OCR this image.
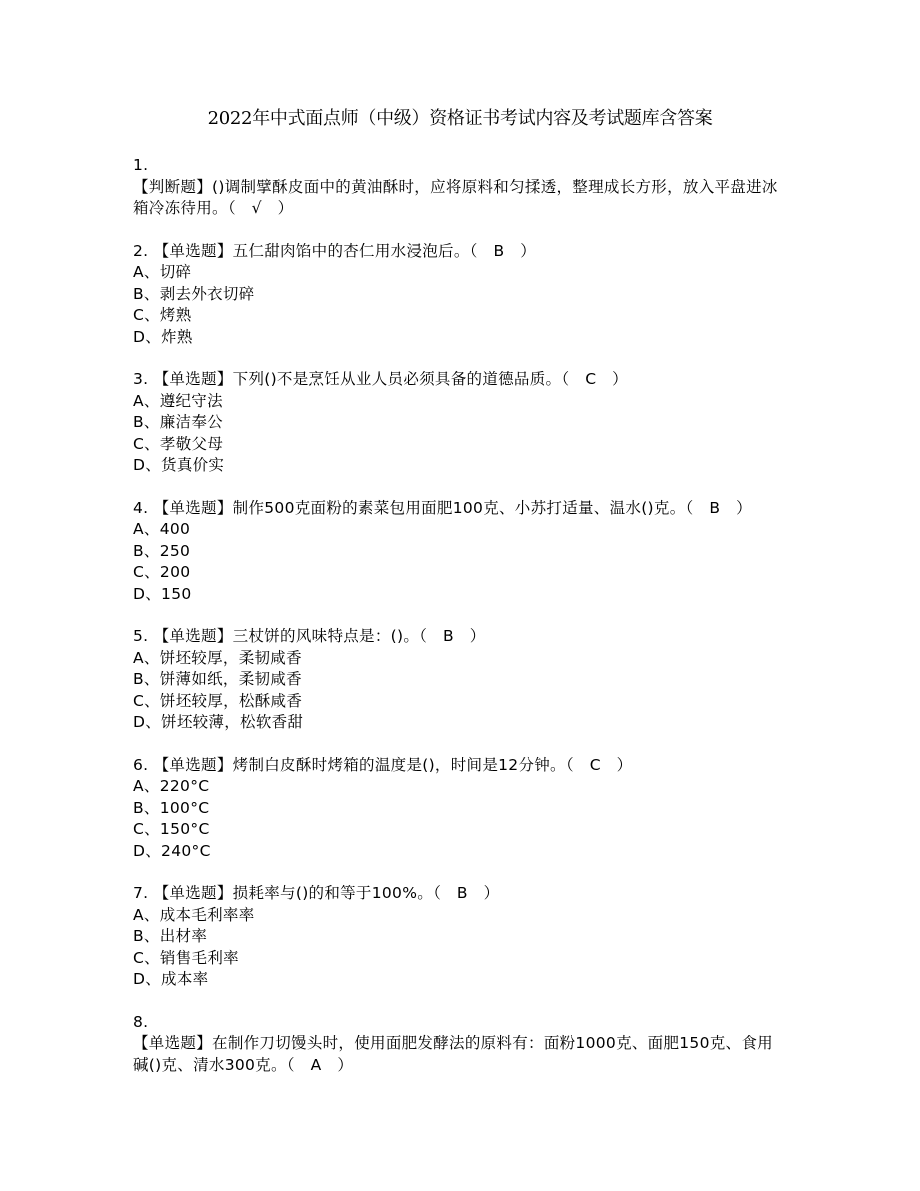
2022年中式面点师（中级）资格证书考试内容及考试题库含答案
1.
【判断题】()调制擘酥皮面中的黄油酥时，应将原料和匀揉透，整理成长方形，放入平盘进冰箱冷冻待用。（　√　）
2. 【单选题】五仁甜肉馅中的杏仁用水浸泡后。（　B　）
A、切碎
B、剥去外衣切碎
C、烤熟
D、炸熟
3. 【单选题】下列()不是烹饪从业人员必须具备的道德品质。（　C　）
A、遵纪守法
B、廉洁奉公
C、孝敬父母
D、货真价实
4. 【单选题】制作500克面粉的素菜包用面肥100克、小苏打适量、温水()克。（　B　）
A、400
B、250
C、200
D、150
5. 【单选题】三杖饼的风味特点是：()。（　B　）
A、饼坯较厚，柔韧咸香
B、饼薄如纸，柔韧咸香
C、饼坯较厚，松酥咸香
D、饼坯较薄，松软香甜
6. 【单选题】烤制白皮酥时烤箱的温度是()，时间是12分钟。（　C　）
A、220°C
B、100°C
C、150°C
D、240°C
7. 【单选题】损耗率与()的和等于100%。（　B　）
A、成本毛利率率
B、出材率
C、销售毛利率
D、成本率
8.
【单选题】在制作刀切馒头时，使用面肥发酵法的原料有：面粉1000克、面肥150克、食用碱()克、清水300克。（　A　）
